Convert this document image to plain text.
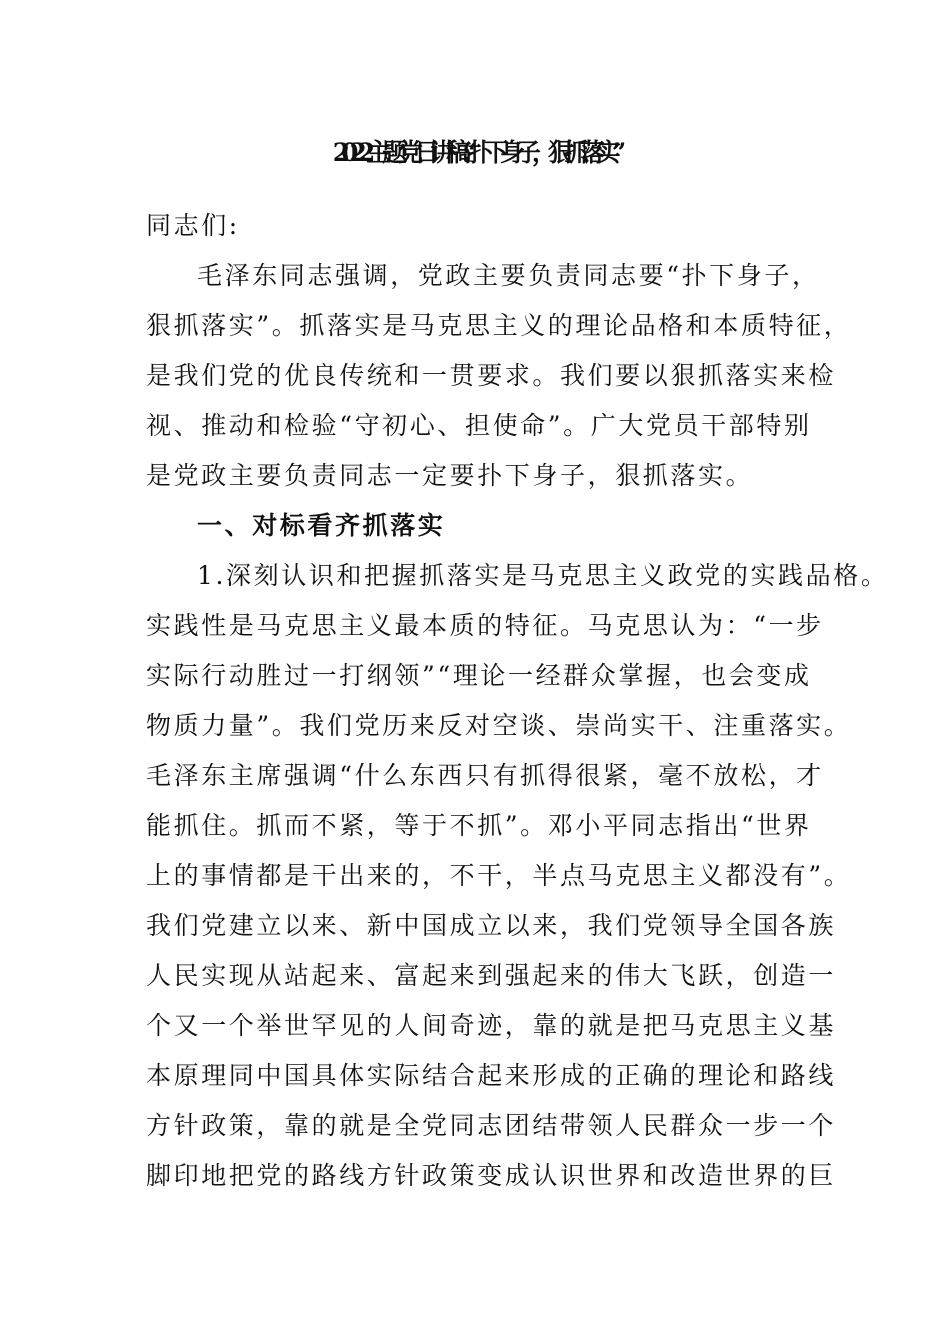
2022主题党日讲稿:“扑下身子，狠抓落实”
同志们:
毛泽东同志强调，党政主要负责同志要“扑下身子，
狠抓落实”。抓落实是马克思主义的理论品格和本质特征，
是我们党的优良传统和一贯要求。我们要以狠抓落实来检
视、推动和检验“守初心、担使命”。广大党员干部特别
是党政主要负责同志一定要扑下身子，狠抓落实。
一、对标看齐抓落实
1.深刻认识和把握抓落实是马克思主义政党的实践品格。
实践性是马克思主义最本质的特征。马克思认为：“一步
实际行动胜过一打纲领”“理论一经群众掌握，也会变成
物质力量”。我们党历来反对空谈、崇尚实干、注重落实。
毛泽东主席强调“什么东西只有抓得很紧，毫不放松，才
能抓住。抓而不紧，等于不抓”。邓小平同志指出“世界
上的事情都是干出来的，不干，半点马克思主义都没有”。
我们党建立以来、新中国成立以来，我们党领导全国各族
人民实现从站起来、富起来到强起来的伟大飞跃，创造一
个又一个举世罕见的人间奇迹，靠的就是把马克思主义基
本原理同中国具体实际结合起来形成的正确的理论和路线
方针政策，靠的就是全党同志团结带领人民群众一步一个
脚印地把党的路线方针政策变成认识世界和改造世界的巨
